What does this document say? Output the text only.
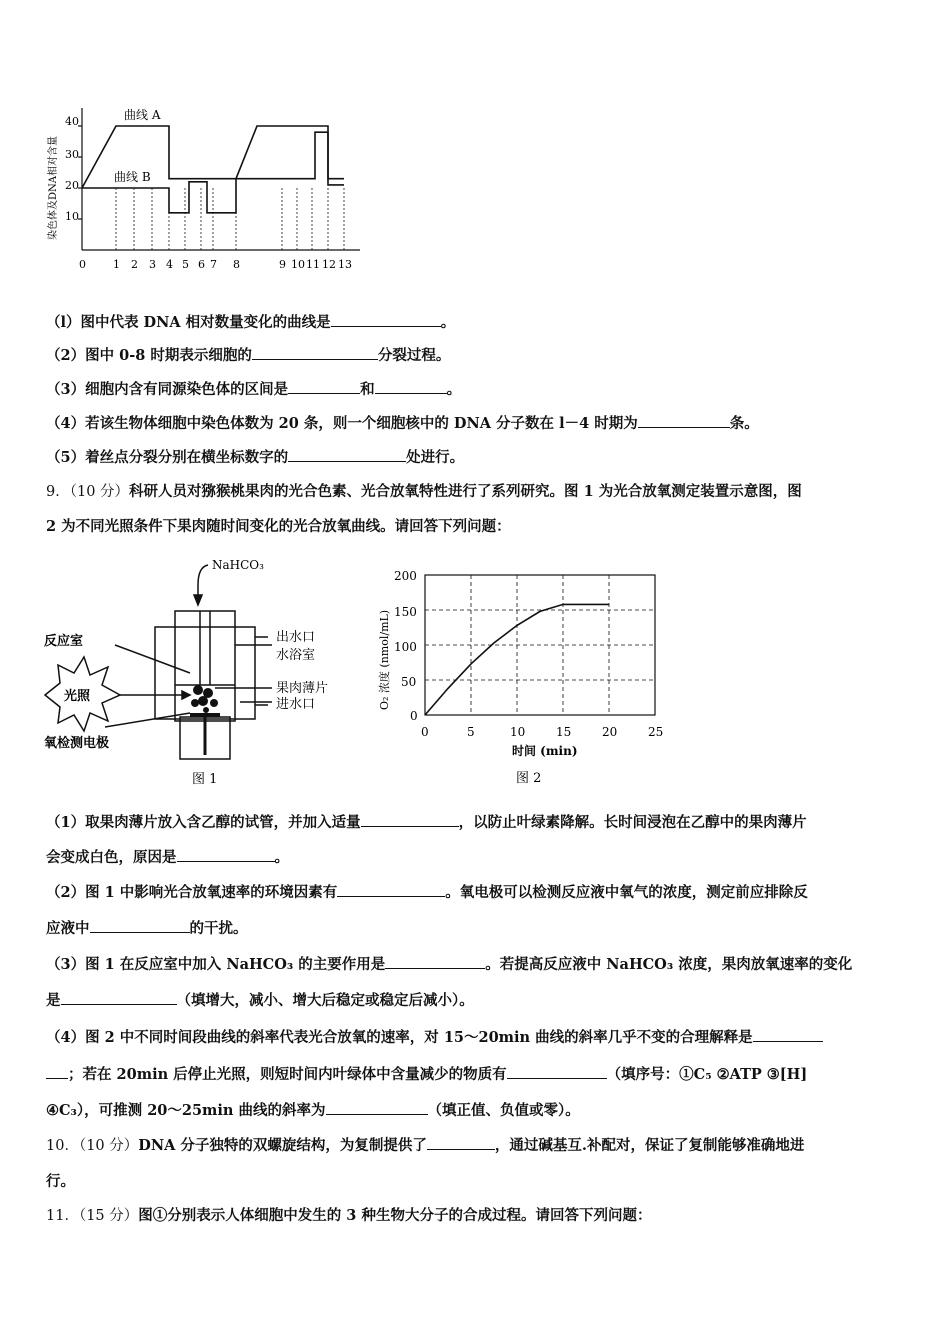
染色体及DNA相对含量
40
30
20
10
曲线 A
曲线 B
0 1 2 3 4 5 6 7 8	9 10 11 12 13
（l）图中代表 DNA 相对数量变化的曲线是	。
（2）图中 0-8 时期表示细胞的	分裂过程。
（3）细胞内含有同源染色体的区间是	和	。
（4）若该生物体细胞中染色体数为 20 条，则一个细胞核中的 DNA 分子数在 l－4 时期为	条。
（5）着丝点分裂分别在横坐标数字的	处进行。
9．（10 分）科研人员对猕猴桃果肉的光合色素、光合放氧特性进行了系列研究。图 1 为光合放氧测定装置示意图，图
2 为不同光照条件下果肉随时间变化的光合放氧曲线。请回答下列问题：
NaHCO₃
反应室
光照
氧检测电极
出水口
水浴室
果肉薄片
进水口
图 1
200
150
100
50
0
0	5	10	15	20	25
时间 (min)
O₂ 浓度 (nmol/mL)
图 2
（1）取果肉薄片放入含乙醇的试管，并加入适量	，以防止叶绿素降解。长时间浸泡在乙醇中的果肉薄片
会变成白色，原因是	。
（2）图 1 中影响光合放氧速率的环境因素有	。氧电极可以检测反应液中氧气的浓度，测定前应排除反
应液中	的干扰。
（3）图 1 在反应室中加入 NaHCO₃ 的主要作用是	。若提高反应液中 NaHCO₃ 浓度，果肉放氧速率的变化
是	（填增大，减小、增大后稳定或稳定后减小）。
（4）图 2 中不同时间段曲线的斜率代表光合放氧的速率，对 15～20min 曲线的斜率几乎不变的合理解释是
；若在 20min 后停止光照，则短时间内叶绿体中含量减少的物质有	（填序号：①C₅ ②ATP ③[H]
④C₃），可推测 20～25min 曲线的斜率为	（填正值、负值或零）。
10．（10 分）DNA 分子独特的双螺旋结构，为复制提供了	，通过碱基互.补配对，保证了复制能够准确地进
行。
11．（15 分）图①分别表示人体细胞中发生的 3 种生物大分子的合成过程。请回答下列问题：
